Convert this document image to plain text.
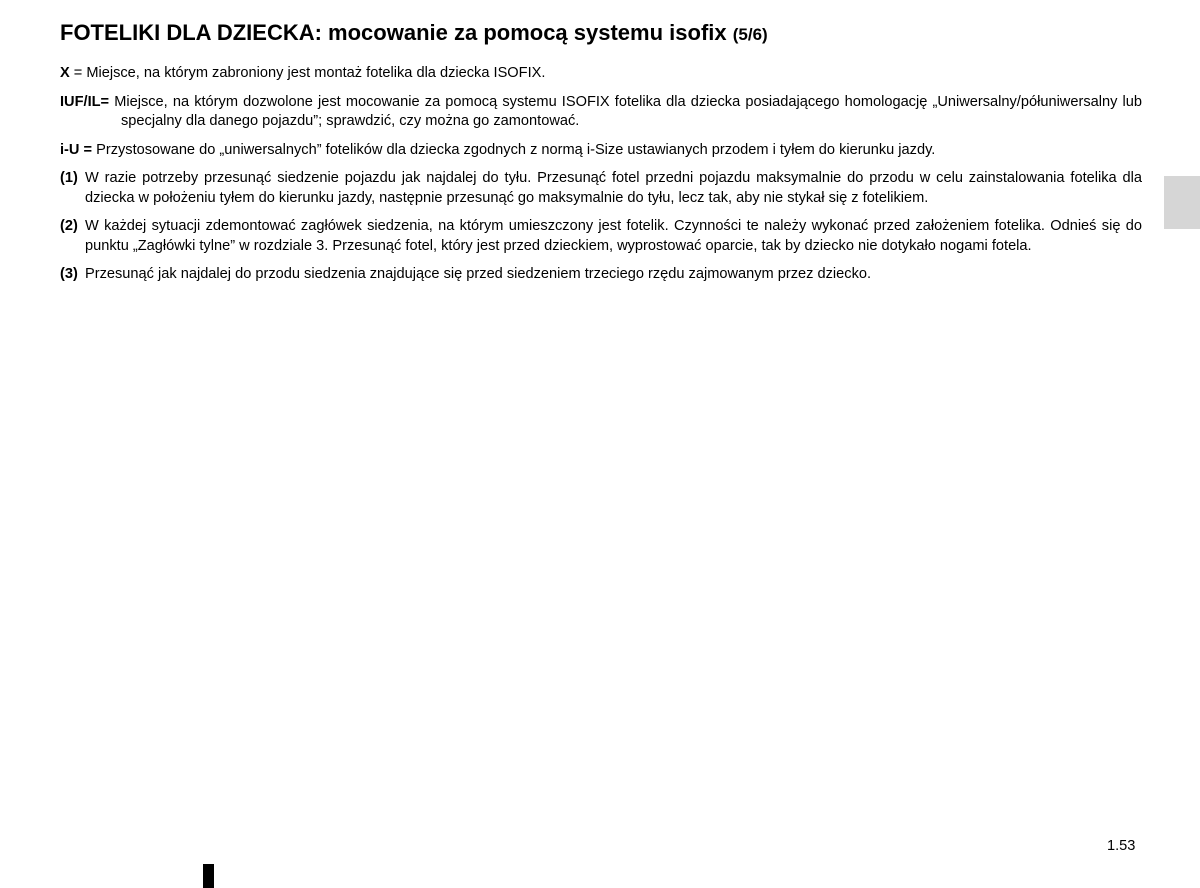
FOTELIKI DLA DZIECKA: mocowanie za pomocą systemu isofix (5/6)

X = Miejsce, na którym zabroniony jest montaż fotelika dla dziecka ISOFIX.

IUF/IL= Miejsce, na którym dozwolone jest mocowanie za pomocą systemu ISOFIX fotelika dla dziecka posiadającego homologację „Uniwersalny/półuniwersalny lub specjalny dla danego pojazdu”; sprawdzić, czy można go zamontować.

i-U = Przystosowane do „uniwersalnych” fotelików dla dziecka zgodnych z normą i-Size ustawianych przodem i tyłem do kierunku jazdy.

(1) W razie potrzeby przesunąć siedzenie pojazdu jak najdalej do tyłu. Przesunąć fotel przedni pojazdu maksymalnie do przodu w celu zainstalowania fotelika dla dziecka w położeniu tyłem do kierunku jazdy, następnie przesunąć go maksymalnie do tyłu, lecz tak, aby nie stykał się z fotelikiem.

(2) W każdej sytuacji zdemontować zagłówek siedzenia, na którym umieszczony jest fotelik. Czynności te należy wykonać przed założeniem fotelika. Odnieś się do punktu „Zagłówki tylne” w rozdziale 3. Przesunąć fotel, który jest przed dzieckiem, wyprostować oparcie, tak by dziecko nie dotykało nogami fotela.

(3) Przesunąć jak najdalej do przodu siedzenia znajdujące się przed siedzeniem trzeciego rzędu zajmowanym przez dziecko.

1.53
